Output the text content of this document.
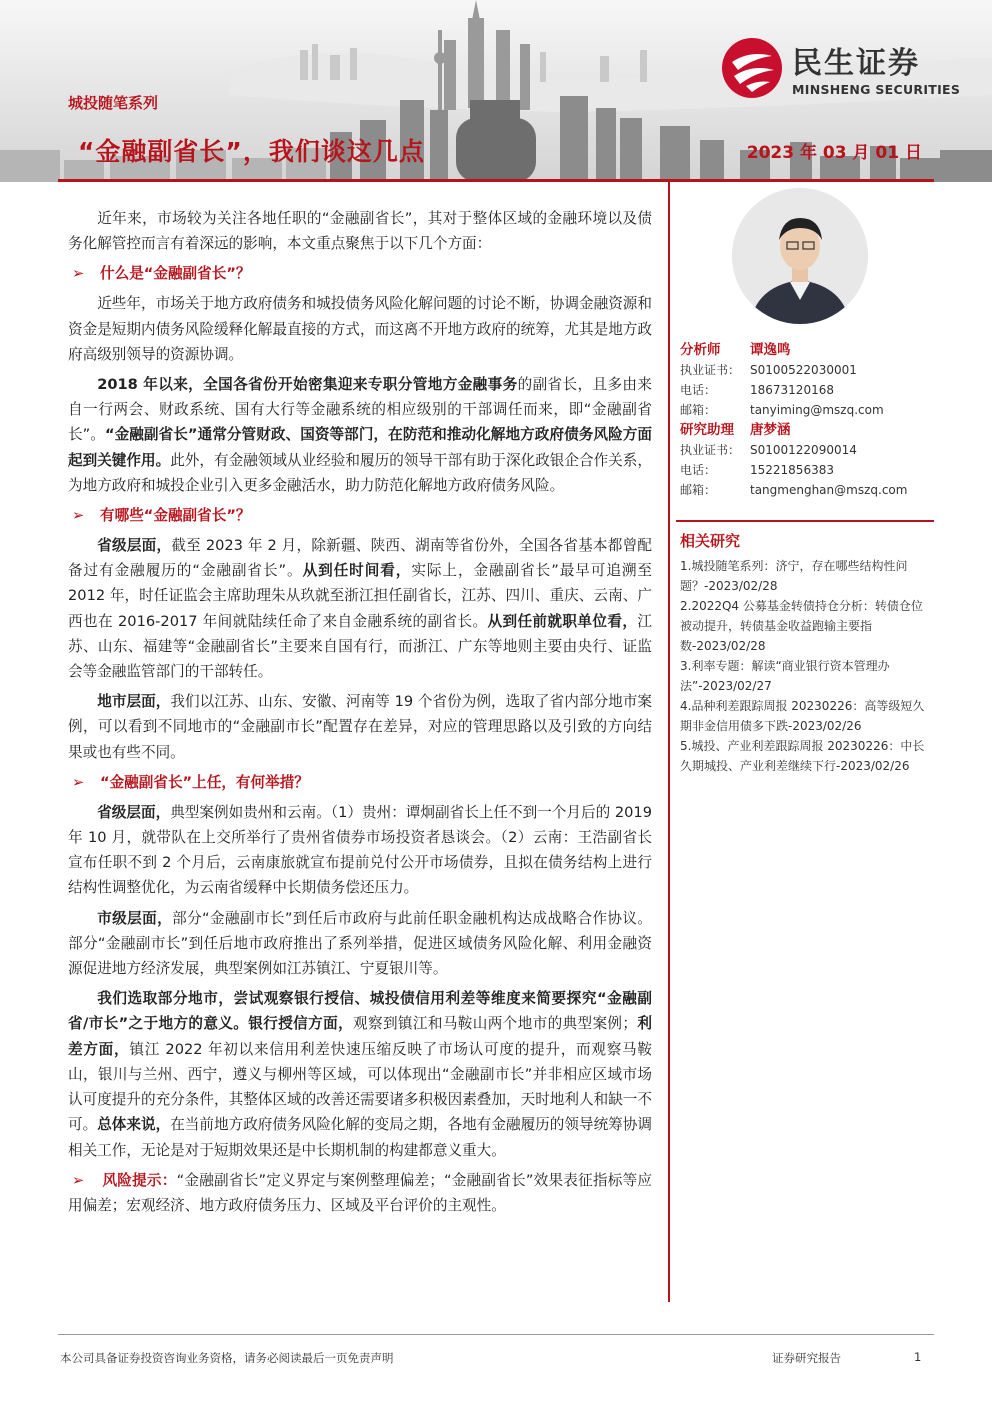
城投随笔系列
“金融副省长”，我们谈这几点	2023 年 03 月 01 日
民生证券
MINSHENG SECURITIES

近年来，市场较为关注各地任职的“金融副省长”，其对于整体区域的金融环境以及债务化解管控而言有着深远的影响，本文重点聚焦于以下几个方面：

➢	什么是“金融副省长”？

近些年，市场关于地方政府债务和城投债务风险化解问题的讨论不断，协调金融资源和资金是短期内债务风险缓释化解最直接的方式，而这离不开地方政府的统筹，尤其是地方政府高级别领导的资源协调。

2018 年以来，全国各省份开始密集迎来专职分管地方金融事务的副省长，且多由来自一行两会、财政系统、国有大行等金融系统的相应级别的干部调任而来，即“金融副省长”。“金融副省长”通常分管财政、国资等部门，在防范和推动化解地方政府债务风险方面起到关键作用。此外，有金融领域从业经验和履历的领导干部有助于深化政银企合作关系，为地方政府和城投企业引入更多金融活水，助力防范化解地方政府债务风险。

➢	有哪些“金融副省长”？

省级层面，截至 2023 年 2 月，除新疆、陕西、湖南等省份外，全国各省基本都曾配备过有金融履历的“金融副省长”。从到任时间看，实际上，金融副省长”最早可追溯至 2012 年，时任证监会主席助理朱从玖就至浙江担任副省长，江苏、四川、重庆、云南、广西也在 2016-2017 年间就陆续任命了来自金融系统的副省长。从到任前就职单位看，江苏、山东、福建等“金融副省长”主要来自国有行，而浙江、广东等地则主要由央行、证监会等金融监管部门的干部转任。

地市层面，我们以江苏、山东、安徽、河南等 19 个省份为例，选取了省内部分地市案例，可以看到不同地市的“金融副市长”配置存在差异，对应的管理思路以及引致的方向结果或也有些不同。

➢	“金融副省长”上任，有何举措？

省级层面，典型案例如贵州和云南。（1）贵州：谭炯副省长上任不到一个月后的 2019 年 10 月，就带队在上交所举行了贵州省债券市场投资者恳谈会。（2）云南：王浩副省长宣布任职不到 2 个月后，云南康旅就宣布提前兑付公开市场债券，且拟在债务结构上进行结构性调整优化，为云南省缓释中长期债务偿还压力。

市级层面，部分“金融副市长”到任后市政府与此前任职金融机构达成战略合作协议。部分“金融副市长”到任后地市政府推出了系列举措，促进区域债务风险化解、利用金融资源促进地方经济发展，典型案例如江苏镇江、宁夏银川等。

我们选取部分地市，尝试观察银行授信、城投债信用利差等维度来简要探究“金融副省/市长”之于地方的意义。银行授信方面，观察到镇江和马鞍山两个地市的典型案例；利差方面，镇江 2022 年初以来信用利差快速压缩反映了市场认可度的提升，而观察马鞍山，银川与兰州、西宁，遵义与柳州等区域，可以体现出“金融副市长”并非相应区域市场认可度提升的充分条件，其整体区域的改善还需要诸多积极因素叠加，天时地利人和缺一不可。总体来说，在当前地方政府债务风险化解的变局之期，各地有金融履历的领导统筹协调相关工作，无论是对于短期效果还是中长期机制的构建都意义重大。

➢ 风险提示：“金融副省长”定义界定与案例整理偏差；“金融副省长”效果表征指标等应用偏差；宏观经济、地方政府债务压力、区域及平台评价的主观性。
分析师	谭逸鸣
执业证书： S0100522030001
电话：	18673120168
邮箱：	tanyiming@mszq.com
研究助理	唐梦涵
执业证书： S0100122090014
电话：	15221856383
邮箱：	tangmenghan@mszq.com
相关研究
1.城投随笔系列：济宁，存在哪些结构性问题？-2023/02/28
2.2022Q4 公募基金转债持仓分析：转债仓位被动提升，转债基金收益跑输主要指数-2023/02/28
3.利率专题：解读“商业银行资本管理办法”-2023/02/27
4.品种利差跟踪周报 20230226：高等级短久期非金信用债多下跌-2023/02/26
5.城投、产业利差跟踪周报 20230226：中长久期城投、产业利差继续下行-2023/02/26
本公司具备证券投资咨询业务资格，请务必阅读最后一页免责声明	证券研究报告	1
